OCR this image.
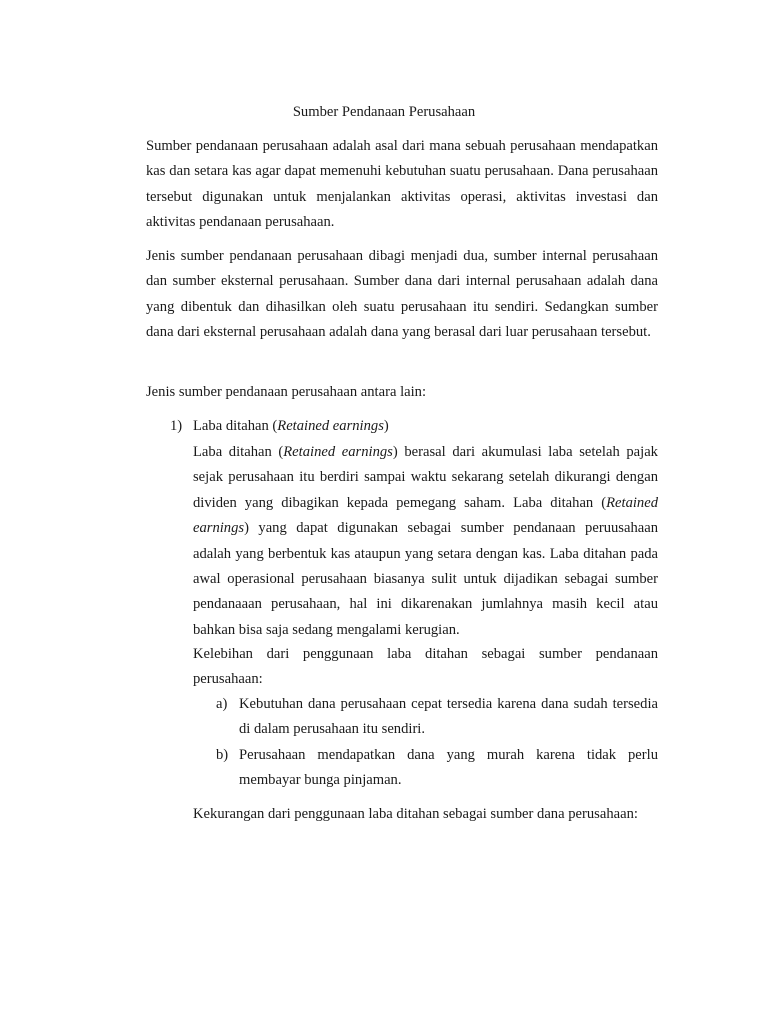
Sumber Pendanaan Perusahaan

Sumber pendanaan perusahaan adalah asal dari mana sebuah perusahaan mendapatkan kas dan setara kas agar dapat memenuhi kebutuhan suatu perusahaan. Dana perusahaan tersebut digunakan untuk menjalankan aktivitas operasi, aktivitas investasi dan aktivitas pendanaan perusahaan.

Jenis sumber pendanaan perusahaan dibagi menjadi dua, sumber internal perusahaan dan sumber eksternal perusahaan. Sumber dana dari internal perusahaan adalah dana yang dibentuk dan dihasilkan oleh suatu perusahaan itu sendiri. Sedangkan sumber dana dari eksternal perusahaan adalah dana yang berasal dari luar perusahaan tersebut.

Jenis sumber pendanaan perusahaan antara lain:

1) Laba ditahan (Retained earnings)

Laba ditahan (Retained earnings) berasal dari akumulasi laba setelah pajak sejak perusahaan itu berdiri sampai waktu sekarang setelah dikurangi dengan dividen yang dibagikan kepada pemegang saham. Laba ditahan (Retained earnings) yang dapat digunakan sebagai sumber pendanaan peruusahaan adalah yang berbentuk kas ataupun yang setara dengan kas. Laba ditahan pada awal operasional perusahaan biasanya sulit untuk dijadikan sebagai sumber pendanaaan perusahaan, hal ini dikarenakan jumlahnya masih kecil atau bahkan bisa saja sedang mengalami kerugian.

Kelebihan dari penggunaan laba ditahan sebagai sumber pendanaan perusahaan:

a) Kebutuhan dana perusahaan cepat tersedia karena dana sudah tersedia di dalam perusahaan itu sendiri.

b) Perusahaan mendapatkan dana yang murah karena tidak perlu membayar bunga pinjaman.

Kekurangan dari penggunaan laba ditahan sebagai sumber dana perusahaan:
